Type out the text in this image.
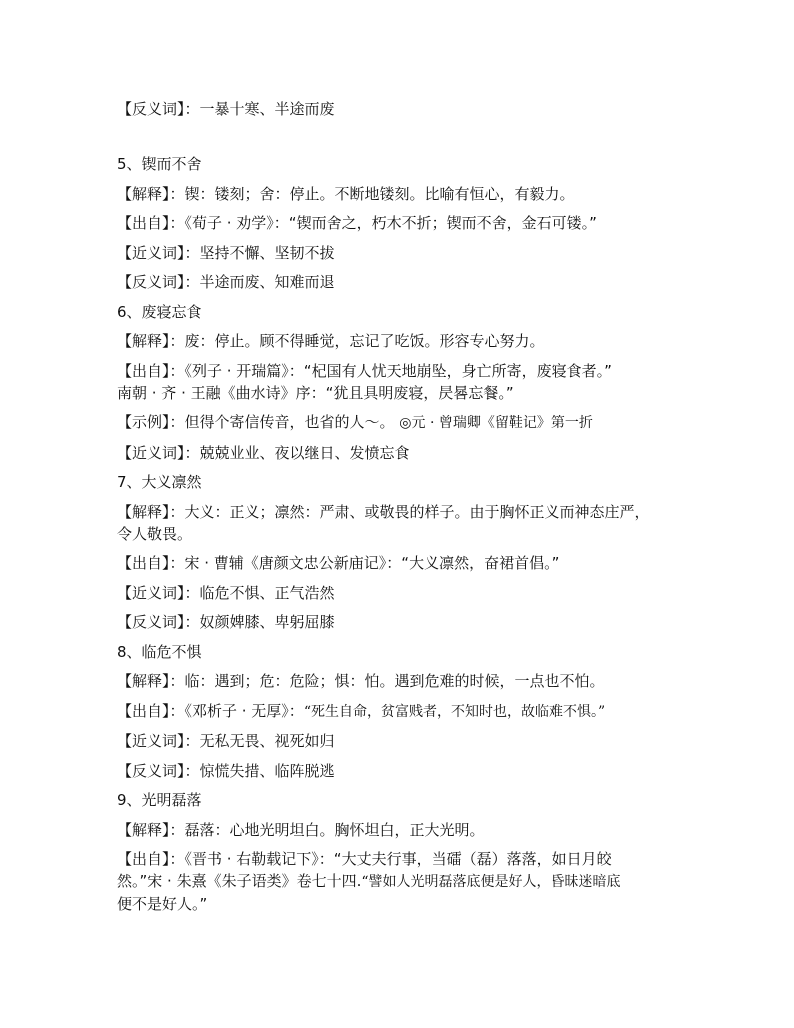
【反义词】：一暴十寒、半途而废
5、锲而不舍
【解释】：锲：镂刻；舍：停止。不断地镂刻。比喻有恒心，有毅力。
【出自】：《荀子 · 劝学》：“锲而舍之，朽木不折；锲而不舍，金石可镂。”
【近义词】：坚持不懈、坚韧不拔
【反义词】：半途而废、知难而退
6、废寝忘食
【解释】：废：停止。顾不得睡觉，忘记了吃饭。形容专心努力。
【出自】：《列子 · 开瑞篇》：“杞国有人忧天地崩坠，身亡所寄，废寝食者。”
南朝 · 齐 · 王融《曲水诗》序：“犹且具明废寝，昃晷忘餐。”
【示例】：但得个寄信传音，也省的人～。 ◎元 · 曾瑞卿《留鞋记》第一折
【近义词】：兢兢业业、夜以继日、发愤忘食
7、大义凛然
【解释】：大义：正义；凛然：严肃、或敬畏的样子。由于胸怀正义而神态庄严，
令人敬畏。
【出自】：宋 · 曹辅《唐颜文忠公新庙记》：“大义凛然，奋裙首倡。”
【近义词】：临危不惧、正气浩然
【反义词】：奴颜婢膝、卑躬屈膝
8、临危不惧
【解释】：临：遇到；危：危险；惧：怕。遇到危难的时候，一点也不怕。
【出自】：《邓析子 · 无厚》：“死生自命，贫富贱者，不知时也，故临难不惧。”
【近义词】：无私无畏、视死如归
【反义词】：惊慌失措、临阵脱逃
9、光明磊落
【解释】：磊落：心地光明坦白。胸怀坦白，正大光明。
【出自】：《晋书 · 右勒载记下》：“大丈夫行事，当礌（磊）落落，如日月皎
然。”宋 · 朱熹《朱子语类》卷七十四.“譬如人光明磊落底便是好人，昏昧迷暗底
便不是好人。”
